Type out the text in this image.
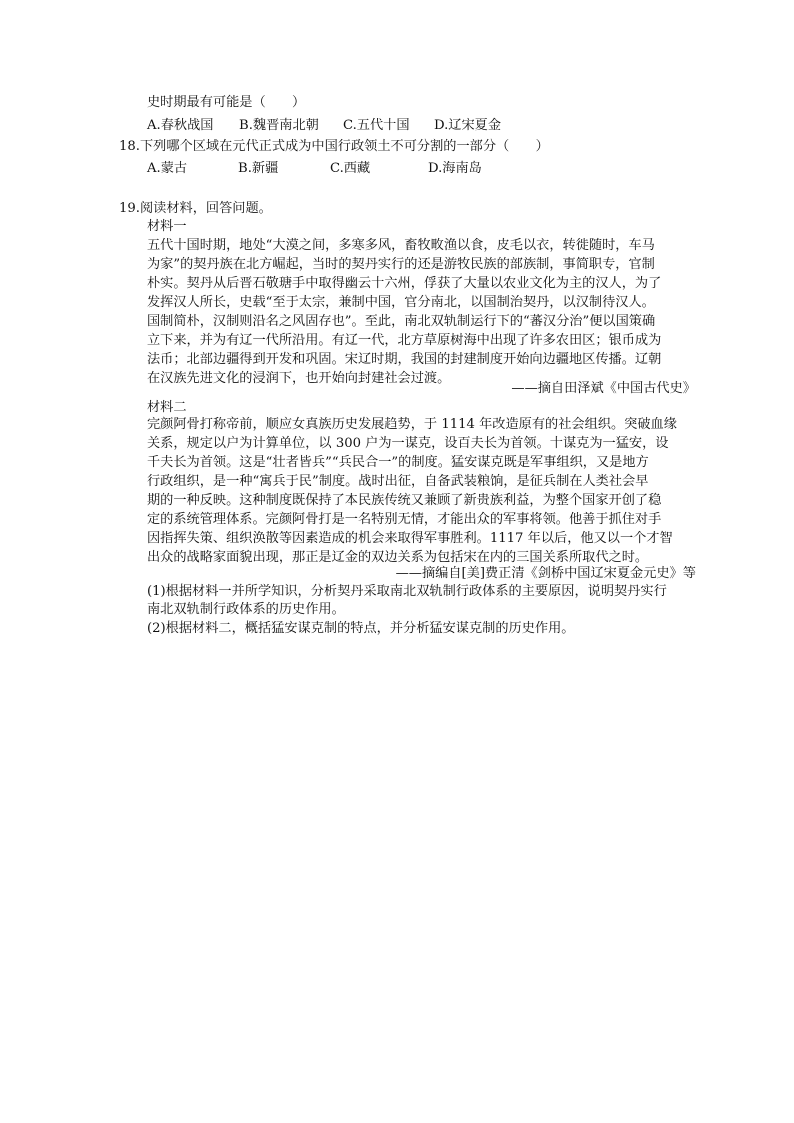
史时期最有可能是（　　）
A.春秋战国 B.魏晋南北朝 C.五代十国 D.辽宋夏金
18.下列哪个区域在元代正式成为中国行政领土不可分割的一部分（　　）
A.蒙古	B.新疆	C.西藏	D.海南岛
19.阅读材料，回答问题。
材料一
五代十国时期，地处“大漠之间，多寒多风，畜牧畋渔以食，皮毛以衣，转徙随时，车马
为家”的契丹族在北方崛起，当时的契丹实行的还是游牧民族的部族制，事简职专，官制
朴实。契丹从后晋石敬瑭手中取得幽云十六州，俘获了大量以农业文化为主的汉人，为了
发挥汉人所长，史载“至于太宗，兼制中国，官分南北，以国制治契丹，以汉制待汉人。
国制简朴，汉制则沿名之风固存也”。至此，南北双轨制运行下的“蕃汉分治”便以国策确
立下来，并为有辽一代所沿用。有辽一代，北方草原树海中出现了许多农田区；银币成为
法币；北部边疆得到开发和巩固。宋辽时期，我国的封建制度开始向边疆地区传播。辽朝
在汉族先进文化的浸润下，也开始向封建社会过渡。
——摘自田泽斌《中国古代史》
材料二
完颜阿骨打称帝前，顺应女真族历史发展趋势，于 1114 年改造原有的社会组织。突破血缘
关系，规定以户为计算单位，以 300 户为一谋克，设百夫长为首领。十谋克为一猛安，设
千夫长为首领。这是“壮者皆兵”“兵民合一”的制度。猛安谋克既是军事组织，又是地方
行政组织，是一种“寓兵于民”制度。战时出征，自备武装粮饷，是征兵制在人类社会早
期的一种反映。这种制度既保持了本民族传统又兼顾了新贵族利益，为整个国家开创了稳
定的系统管理体系。完颜阿骨打是一名特别无情，才能出众的军事将领。他善于抓住对手
因指挥失策、组织涣散等因素造成的机会来取得军事胜利。1117 年以后，他又以一个才智
出众的战略家面貌出现，那正是辽金的双边关系为包括宋在内的三国关系所取代之时。
——摘编自[美]费正清《剑桥中国辽宋夏金元史》等
(1)根据材料一并所学知识，分析契丹采取南北双轨制行政体系的主要原因，说明契丹实行
南北双轨制行政体系的历史作用。
(2)根据材料二，概括猛安谋克制的特点，并分析猛安谋克制的历史作用。
